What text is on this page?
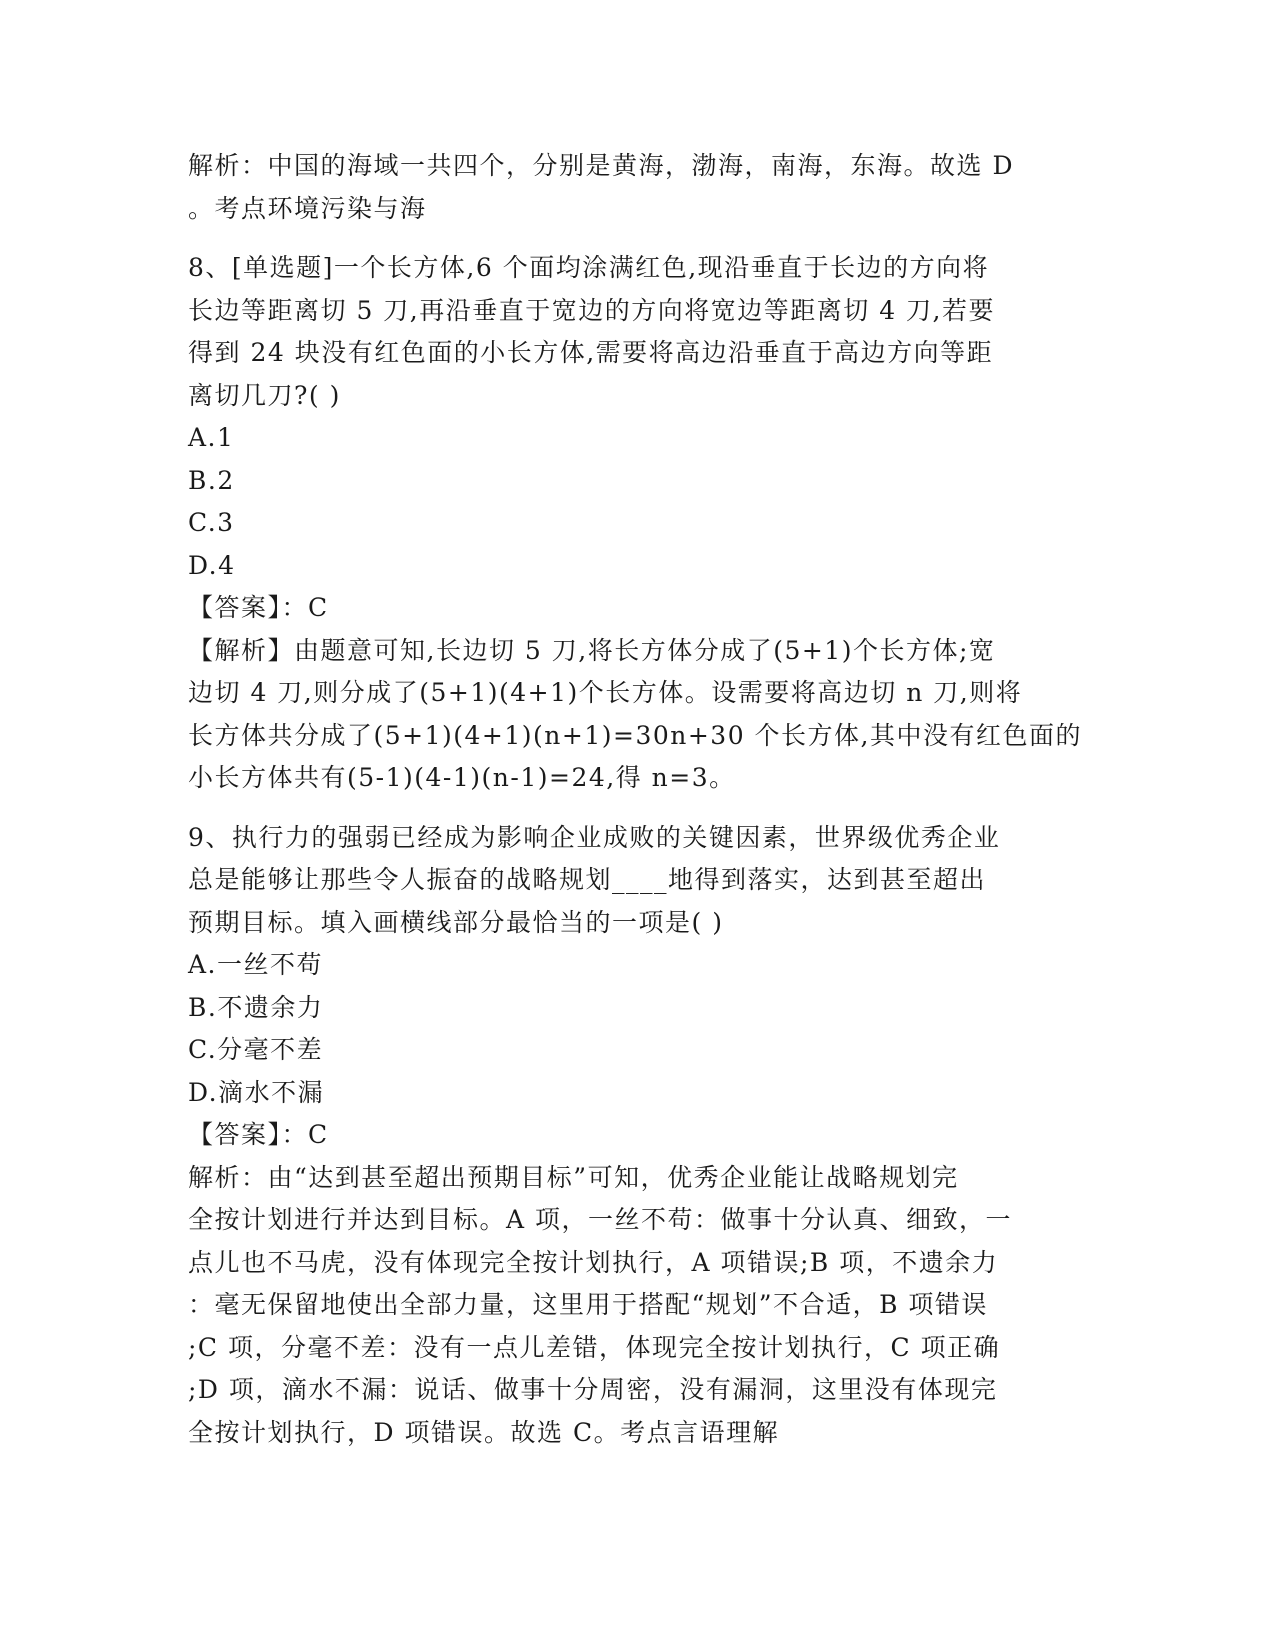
解析：中国的海域一共四个，分别是黄海，渤海，南海，东海。故选 D
。考点环境污染与海
8、[单选题]一个长方体,6 个面均涂满红色,现沿垂直于长边的方向将
长边等距离切 5 刀,再沿垂直于宽边的方向将宽边等距离切 4 刀,若要
得到 24 块没有红色面的小长方体,需要将高边沿垂直于高边方向等距
离切几刀?( )
A.1
B.2
C.3
D.4
【答案】：C
【解析】由题意可知,长边切 5 刀,将长方体分成了(5+1)个长方体;宽
边切 4 刀,则分成了(5+1)(4+1)个长方体。设需要将高边切 n 刀,则将
长方体共分成了(5+1)(4+1)(n+1)=30n+30 个长方体,其中没有红色面的
小长方体共有(5-1)(4-1)(n-1)=24,得 n=3。
9、执行力的强弱已经成为影响企业成败的关键因素，世界级优秀企业
总是能够让那些令人振奋的战略规划____地得到落实，达到甚至超出
预期目标。填入画横线部分最恰当的一项是( )
A.一丝不苟
B.不遗余力
C.分毫不差
D.滴水不漏
【答案】：C
解析：由“达到甚至超出预期目标”可知，优秀企业能让战略规划完
全按计划进行并达到目标。A 项，一丝不苟：做事十分认真、细致，一
点儿也不马虎，没有体现完全按计划执行，A 项错误;B 项，不遗余力
：毫无保留地使出全部力量，这里用于搭配“规划”不合适，B 项错误
;C 项，分毫不差：没有一点儿差错，体现完全按计划执行，C 项正确
;D 项，滴水不漏：说话、做事十分周密，没有漏洞，这里没有体现完
全按计划执行，D 项错误。故选 C。考点言语理解
